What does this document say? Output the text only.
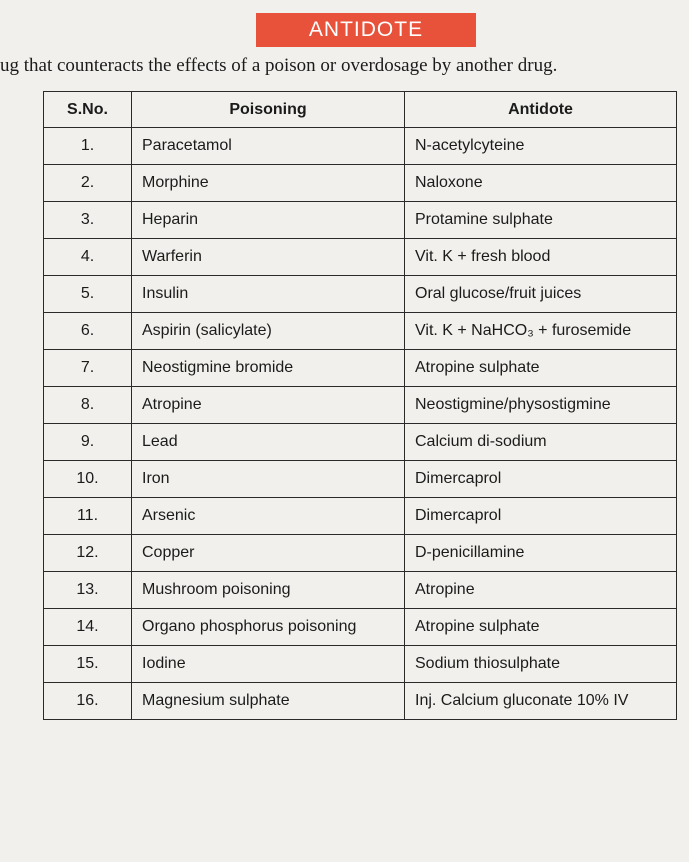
ANTIDOTE
ug that counteracts the effects of a poison or overdosage by another drug.
S.No.	Poisoning	Antidote
1.	Paracetamol	N-acetylcyteine
2.	Morphine	Naloxone
3.	Heparin	Protamine sulphate
4.	Warferin	Vit. K + fresh blood
5.	Insulin	Oral glucose/fruit juices
6.	Aspirin (salicylate)	Vit. K + NaHCO₃ + furosemide
7.	Neostigmine bromide	Atropine sulphate
8.	Atropine	Neostigmine/physostigmine
9.	Lead	Calcium di-sodium
10.	Iron	Dimercaprol
11.	Arsenic	Dimercaprol
12.	Copper	D-penicillamine
13.	Mushroom poisoning	Atropine
14.	Organo phosphorus poisoning	Atropine sulphate
15.	Iodine	Sodium thiosulphate
16.	Magnesium sulphate	Inj. Calcium gluconate 10% IV
